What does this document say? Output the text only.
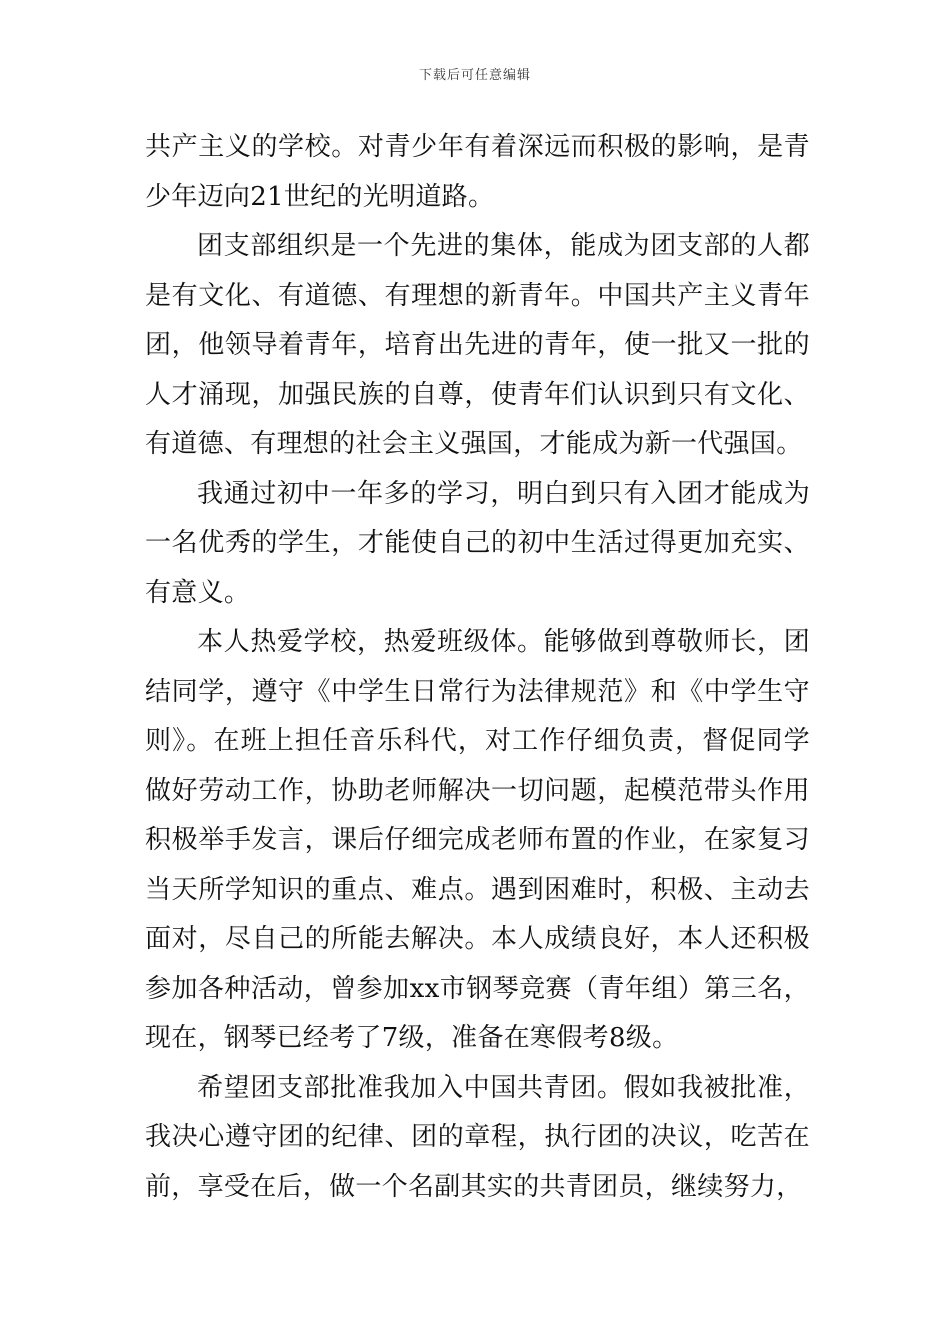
下载后可任意编辑

共产主义的学校。对青少年有着深远而积极的影响，是青少年迈向21世纪的光明道路。

团支部组织是一个先进的集体，能成为团支部的人都是有文化、有道德、有理想的新青年。中国共产主义青年团，他领导着青年，培育出先进的青年，使一批又一批的人才涌现，加强民族的自尊，使青年们认识到只有文化、有道德、有理想的社会主义强国，才能成为新一代强国。

我通过初中一年多的学习，明白到只有入团才能成为一名优秀的学生，才能使自己的初中生活过得更加充实、有意义。

本人热爱学校，热爱班级体。能够做到尊敬师长，团结同学，遵守《中学生日常行为法律规范》和《中学生守则》。在班上担任音乐科代，对工作仔细负责，督促同学做好劳动工作，协助老师解决一切问题，起模范带头作用积极举手发言，课后仔细完成老师布置的作业，在家复习当天所学知识的重点、难点。遇到困难时，积极、主动去面对，尽自己的所能去解决。本人成绩良好，本人还积极参加各种活动，曾参加xx市钢琴竞赛（青年组）第三名，现在，钢琴已经考了7级，准备在寒假考8级。

希望团支部批准我加入中国共青团。假如我被批准，我决心遵守团的纪律、团的章程，执行团的决议，吃苦在前，享受在后，做一个名副其实的共青团员，继续努力，
